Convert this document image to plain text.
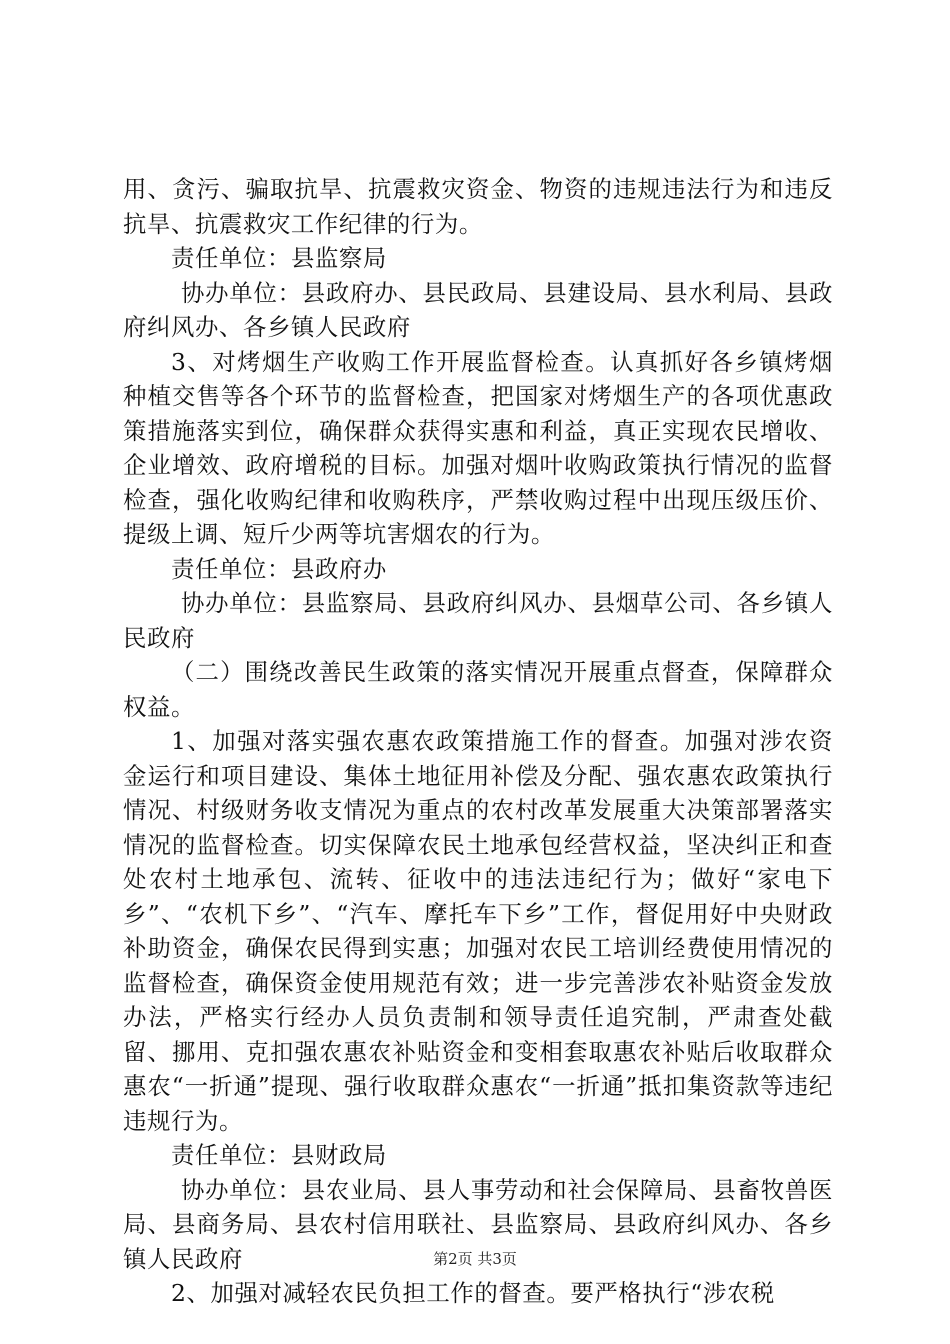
用、贪污、骗取抗旱、抗震救灾资金、物资的违规违法行为和违反抗旱、抗震救灾工作纪律的行为。

责任单位：县监察局

协办单位：县政府办、县民政局、县建设局、县水利局、县政府纠风办、各乡镇人民政府

3、对烤烟生产收购工作开展监督检查。认真抓好各乡镇烤烟种植交售等各个环节的监督检查，把国家对烤烟生产的各项优惠政策措施落实到位，确保群众获得实惠和利益，真正实现农民增收、企业增效、政府增税的目标。加强对烟叶收购政策执行情况的监督检查，强化收购纪律和收购秩序，严禁收购过程中出现压级压价、提级上调、短斤少两等坑害烟农的行为。

责任单位：县政府办

协办单位：县监察局、县政府纠风办、县烟草公司、各乡镇人民政府

（二）围绕改善民生政策的落实情况开展重点督查，保障群众权益。

1、加强对落实强农惠农政策措施工作的督查。加强对涉农资金运行和项目建设、集体土地征用补偿及分配、强农惠农政策执行情况、村级财务收支情况为重点的农村改革发展重大决策部署落实情况的监督检查。切实保障农民土地承包经营权益，坚决纠正和查处农村土地承包、流转、征收中的违法违纪行为；做好“家电下乡”、“农机下乡”、“汽车、摩托车下乡”工作，督促用好中央财政补助资金，确保农民得到实惠；加强对农民工培训经费使用情况的监督检查，确保资金使用规范有效；进一步完善涉农补贴资金发放办法，严格实行经办人员负责制和领导责任追究制，严肃查处截留、挪用、克扣强农惠农补贴资金和变相套取惠农补贴后收取群众惠农“一折通”提现、强行收取群众惠农“一折通”抵扣集资款等违纪违规行为。

责任单位：县财政局

协办单位：县农业局、县人事劳动和社会保障局、县畜牧兽医局、县商务局、县农村信用联社、县监察局、县政府纠风办、各乡镇人民政府

2、加强对减轻农民负担工作的督查。要严格执行“涉农税

第2页 共3页
